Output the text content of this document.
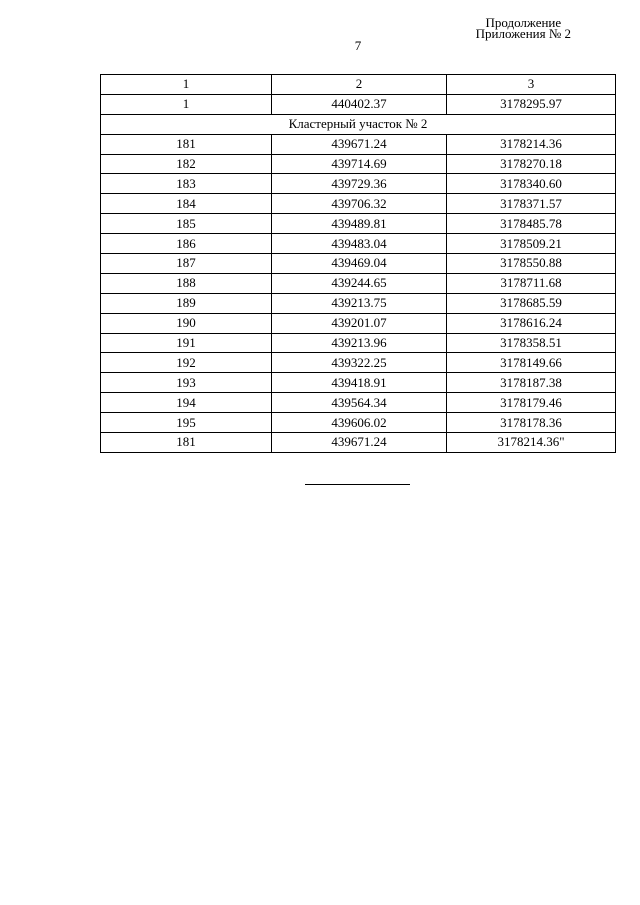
Продолжение
Приложения № 2
7
1	2	3
1	440402.37	3178295.97
Кластерный участок № 2		
181	439671.24	3178214.36
182	439714.69	3178270.18
183	439729.36	3178340.60
184	439706.32	3178371.57
185	439489.81	3178485.78
186	439483.04	3178509.21
187	439469.04	3178550.88
188	439244.65	3178711.68
189	439213.75	3178685.59
190	439201.07	3178616.24
191	439213.96	3178358.51
192	439322.25	3178149.66
193	439418.91	3178187.38
194	439564.34	3178179.46
195	439606.02	3178178.36
181	439671.24	3178214.36"
